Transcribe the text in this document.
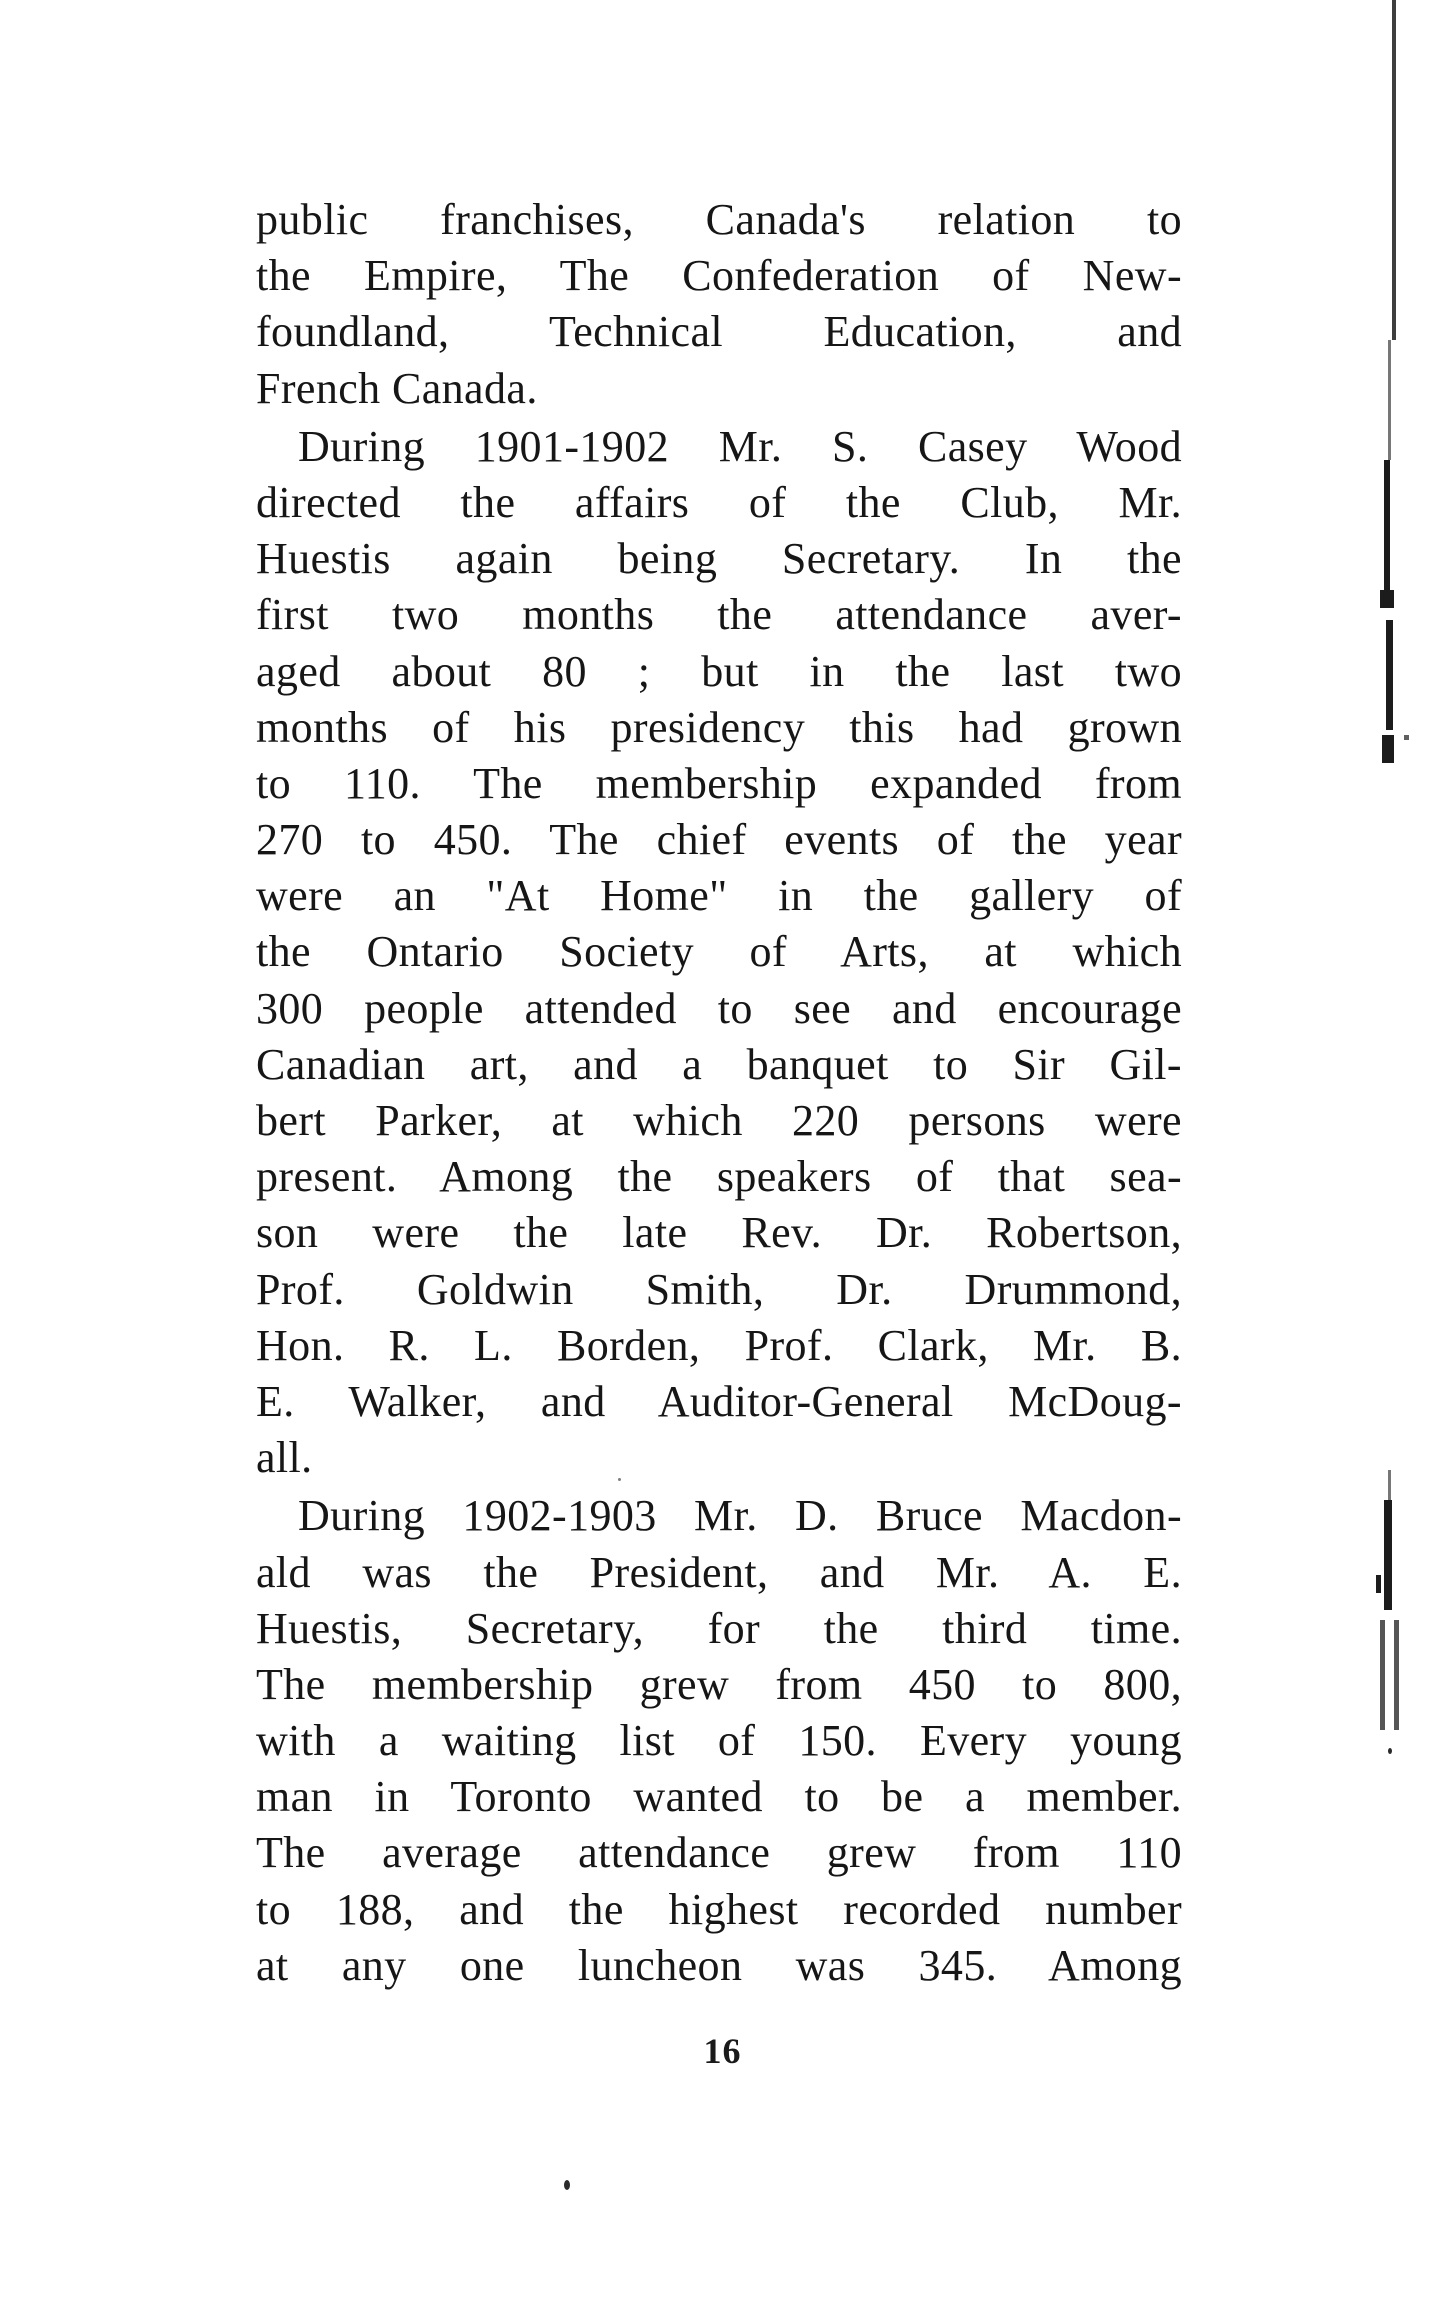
public franchises, Canada's relation to
the Empire, The Confederation of New-
foundland, Technical Education, and
French Canada.
During 1901-1902 Mr. S. Casey Wood
directed the affairs of the Club, Mr.
Huestis again being Secretary. In the
first two months the attendance aver-
aged about 80 ; but in the last two
months of his presidency this had grown
to 110. The membership expanded from
270 to 450. The chief events of the year
were an "At Home" in the gallery of
the Ontario Society of Arts, at which
300 people attended to see and encourage
Canadian art, and a banquet to Sir Gil-
bert Parker, at which 220 persons were
present. Among the speakers of that sea-
son were the late Rev. Dr. Robertson,
Prof. Goldwin Smith, Dr. Drummond,
Hon. R. L. Borden, Prof. Clark, Mr. B.
E. Walker, and Auditor-General McDoug-
all.
During 1902-1903 Mr. D. Bruce Macdon-
ald was the President, and Mr. A. E.
Huestis, Secretary, for the third time.
The membership grew from 450 to 800,
with a waiting list of 150. Every young
man in Toronto wanted to be a member.
The average attendance grew from 110
to 188, and the highest recorded number
at any one luncheon was 345. Among
16
